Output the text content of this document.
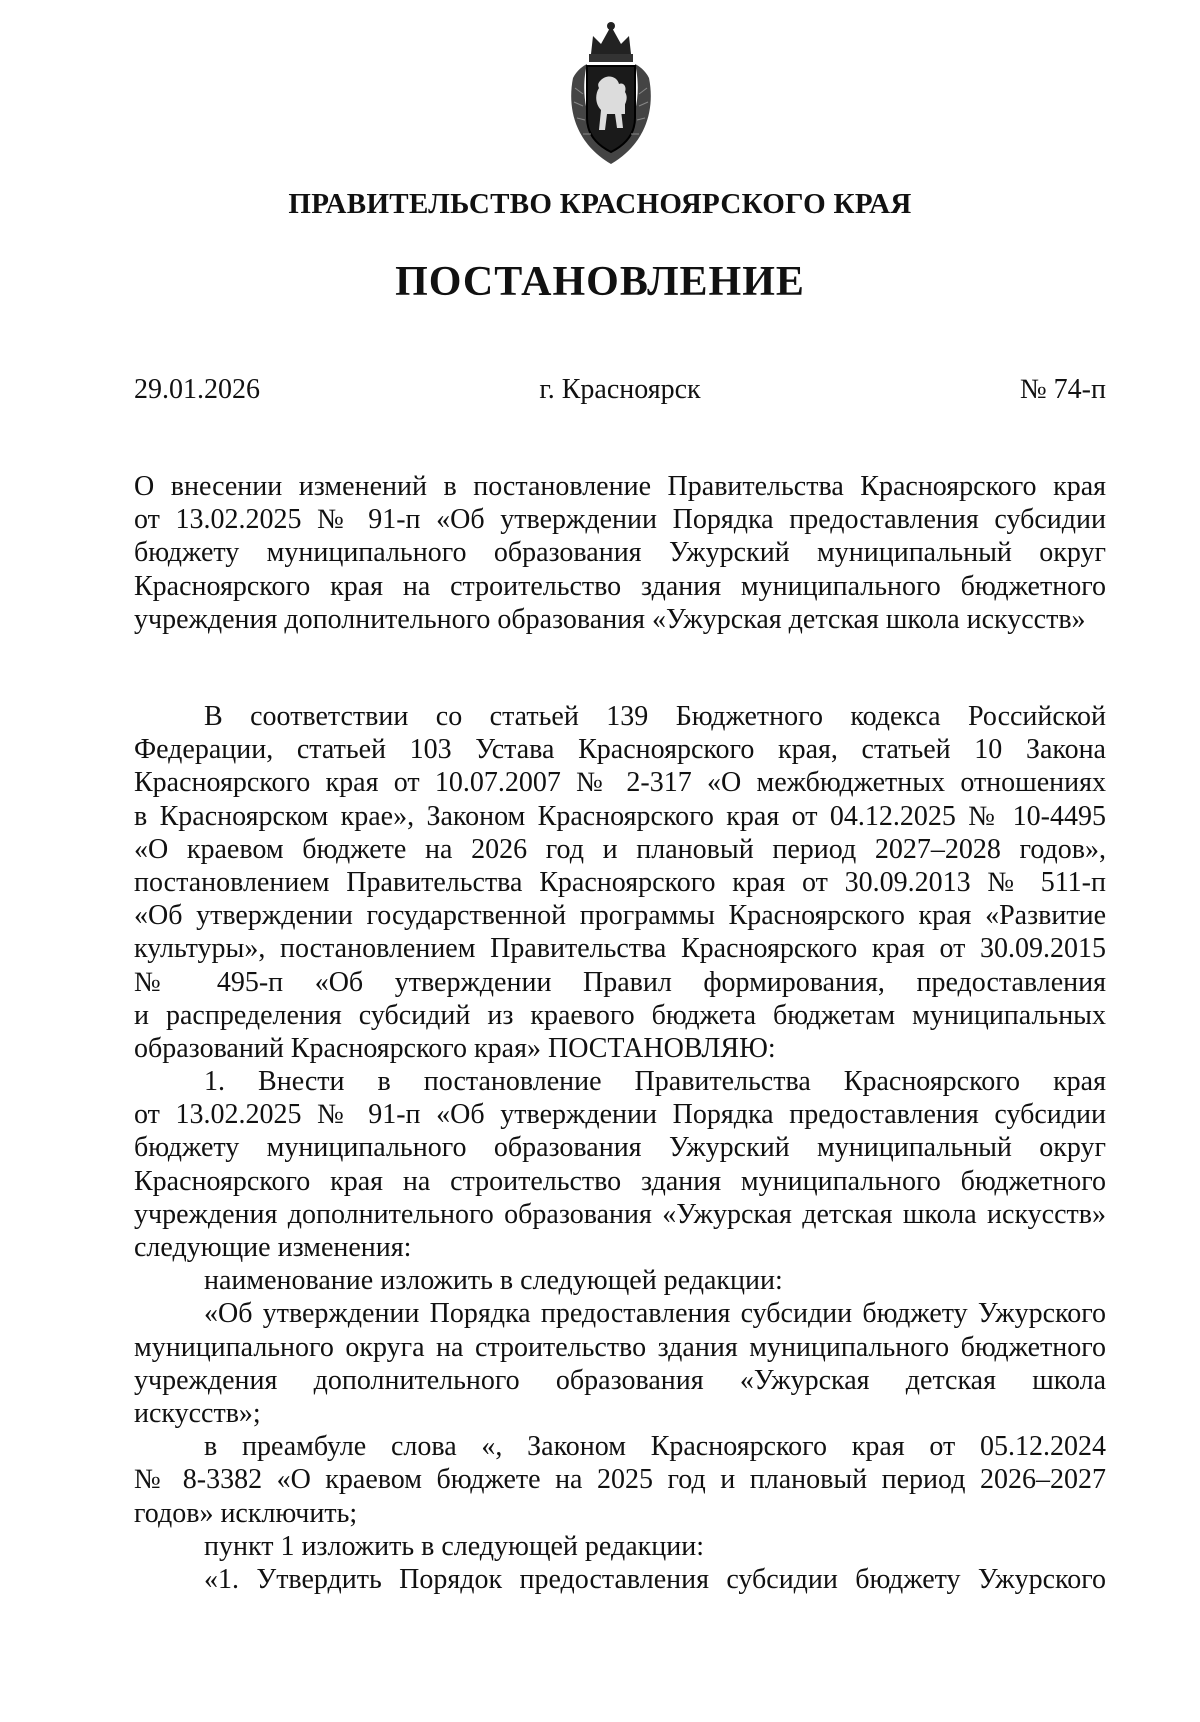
ПРАВИТЕЛЬСТВО КРАСНОЯРСКОГО КРАЯ
ПОСТАНОВЛЕНИЕ
г. Красноярск
29.01.2026	№ 74-п
О внесении изменений в постановление Правительства Красноярского края
от 13.02.2025 № 91-п «Об утверждении Порядка предоставления субсидии
бюджету муниципального образования Ужурский муниципальный округ
Красноярского края на строительство здания муниципального бюджетного
учреждения дополнительного образования «Ужурская детская школа искусств»
В соответствии со статьей 139 Бюджетного кодекса Российской
Федерации, статьей 103 Устава Красноярского края, статьей 10 Закона
Красноярского края от 10.07.2007 № 2-317 «О межбюджетных отношениях
в Красноярском крае», Законом Красноярского края от 04.12.2025 № 10-4495
«О краевом бюджете на 2026 год и плановый период 2027–2028 годов»,
постановлением Правительства Красноярского края от 30.09.2013 № 511-п
«Об утверждении государственной программы Красноярского края «Развитие
культуры», постановлением Правительства Красноярского края от 30.09.2015
№ 495-п «Об утверждении Правил формирования, предоставления
и распределения субсидий из краевого бюджета бюджетам муниципальных
образований Красноярского края» ПОСТАНОВЛЯЮ:
1. Внести в постановление Правительства Красноярского края
от 13.02.2025 № 91-п «Об утверждении Порядка предоставления субсидии
бюджету муниципального образования Ужурский муниципальный округ
Красноярского края на строительство здания муниципального бюджетного
учреждения дополнительного образования «Ужурская детская школа искусств»
следующие изменения:
наименование изложить в следующей редакции:
«Об утверждении Порядка предоставления субсидии бюджету Ужурского
муниципального округа на строительство здания муниципального бюджетного
учреждения дополнительного образования «Ужурская детская школа
искусств»;
в преамбуле слова «, Законом Красноярского края от 05.12.2024
№ 8-3382 «О краевом бюджете на 2025 год и плановый период 2026–2027
годов» исключить;
пункт 1 изложить в следующей редакции:
«1. Утвердить Порядок предоставления субсидии бюджету Ужурского
